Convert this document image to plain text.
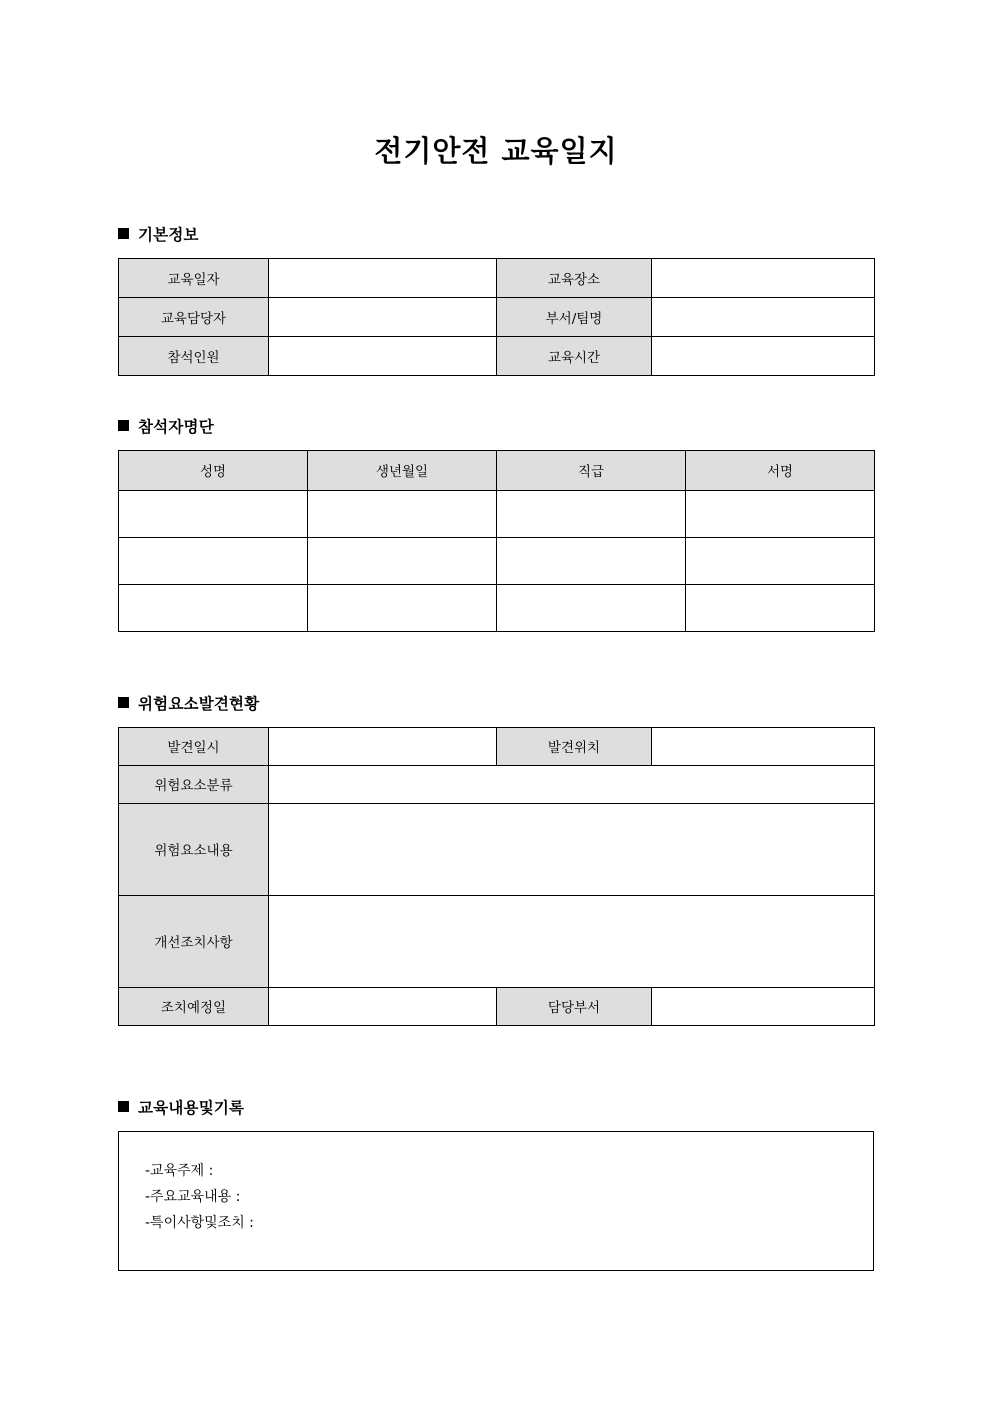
전기안전 교육일지
기본정보
교육일자		교육장소	
교육담당자		부서/팀명	
참석인원		교육시간	
참석자명단
성명	생년월일	직급	서명

위험요소발견현황
발견일시		발견위치	
위험요소분류			
위험요소내용			
개선조치사항			
조치예정일		담당부서	
교육내용및기록
-교육주제 :
-주요교육내용 :
-특이사항및조치 :
